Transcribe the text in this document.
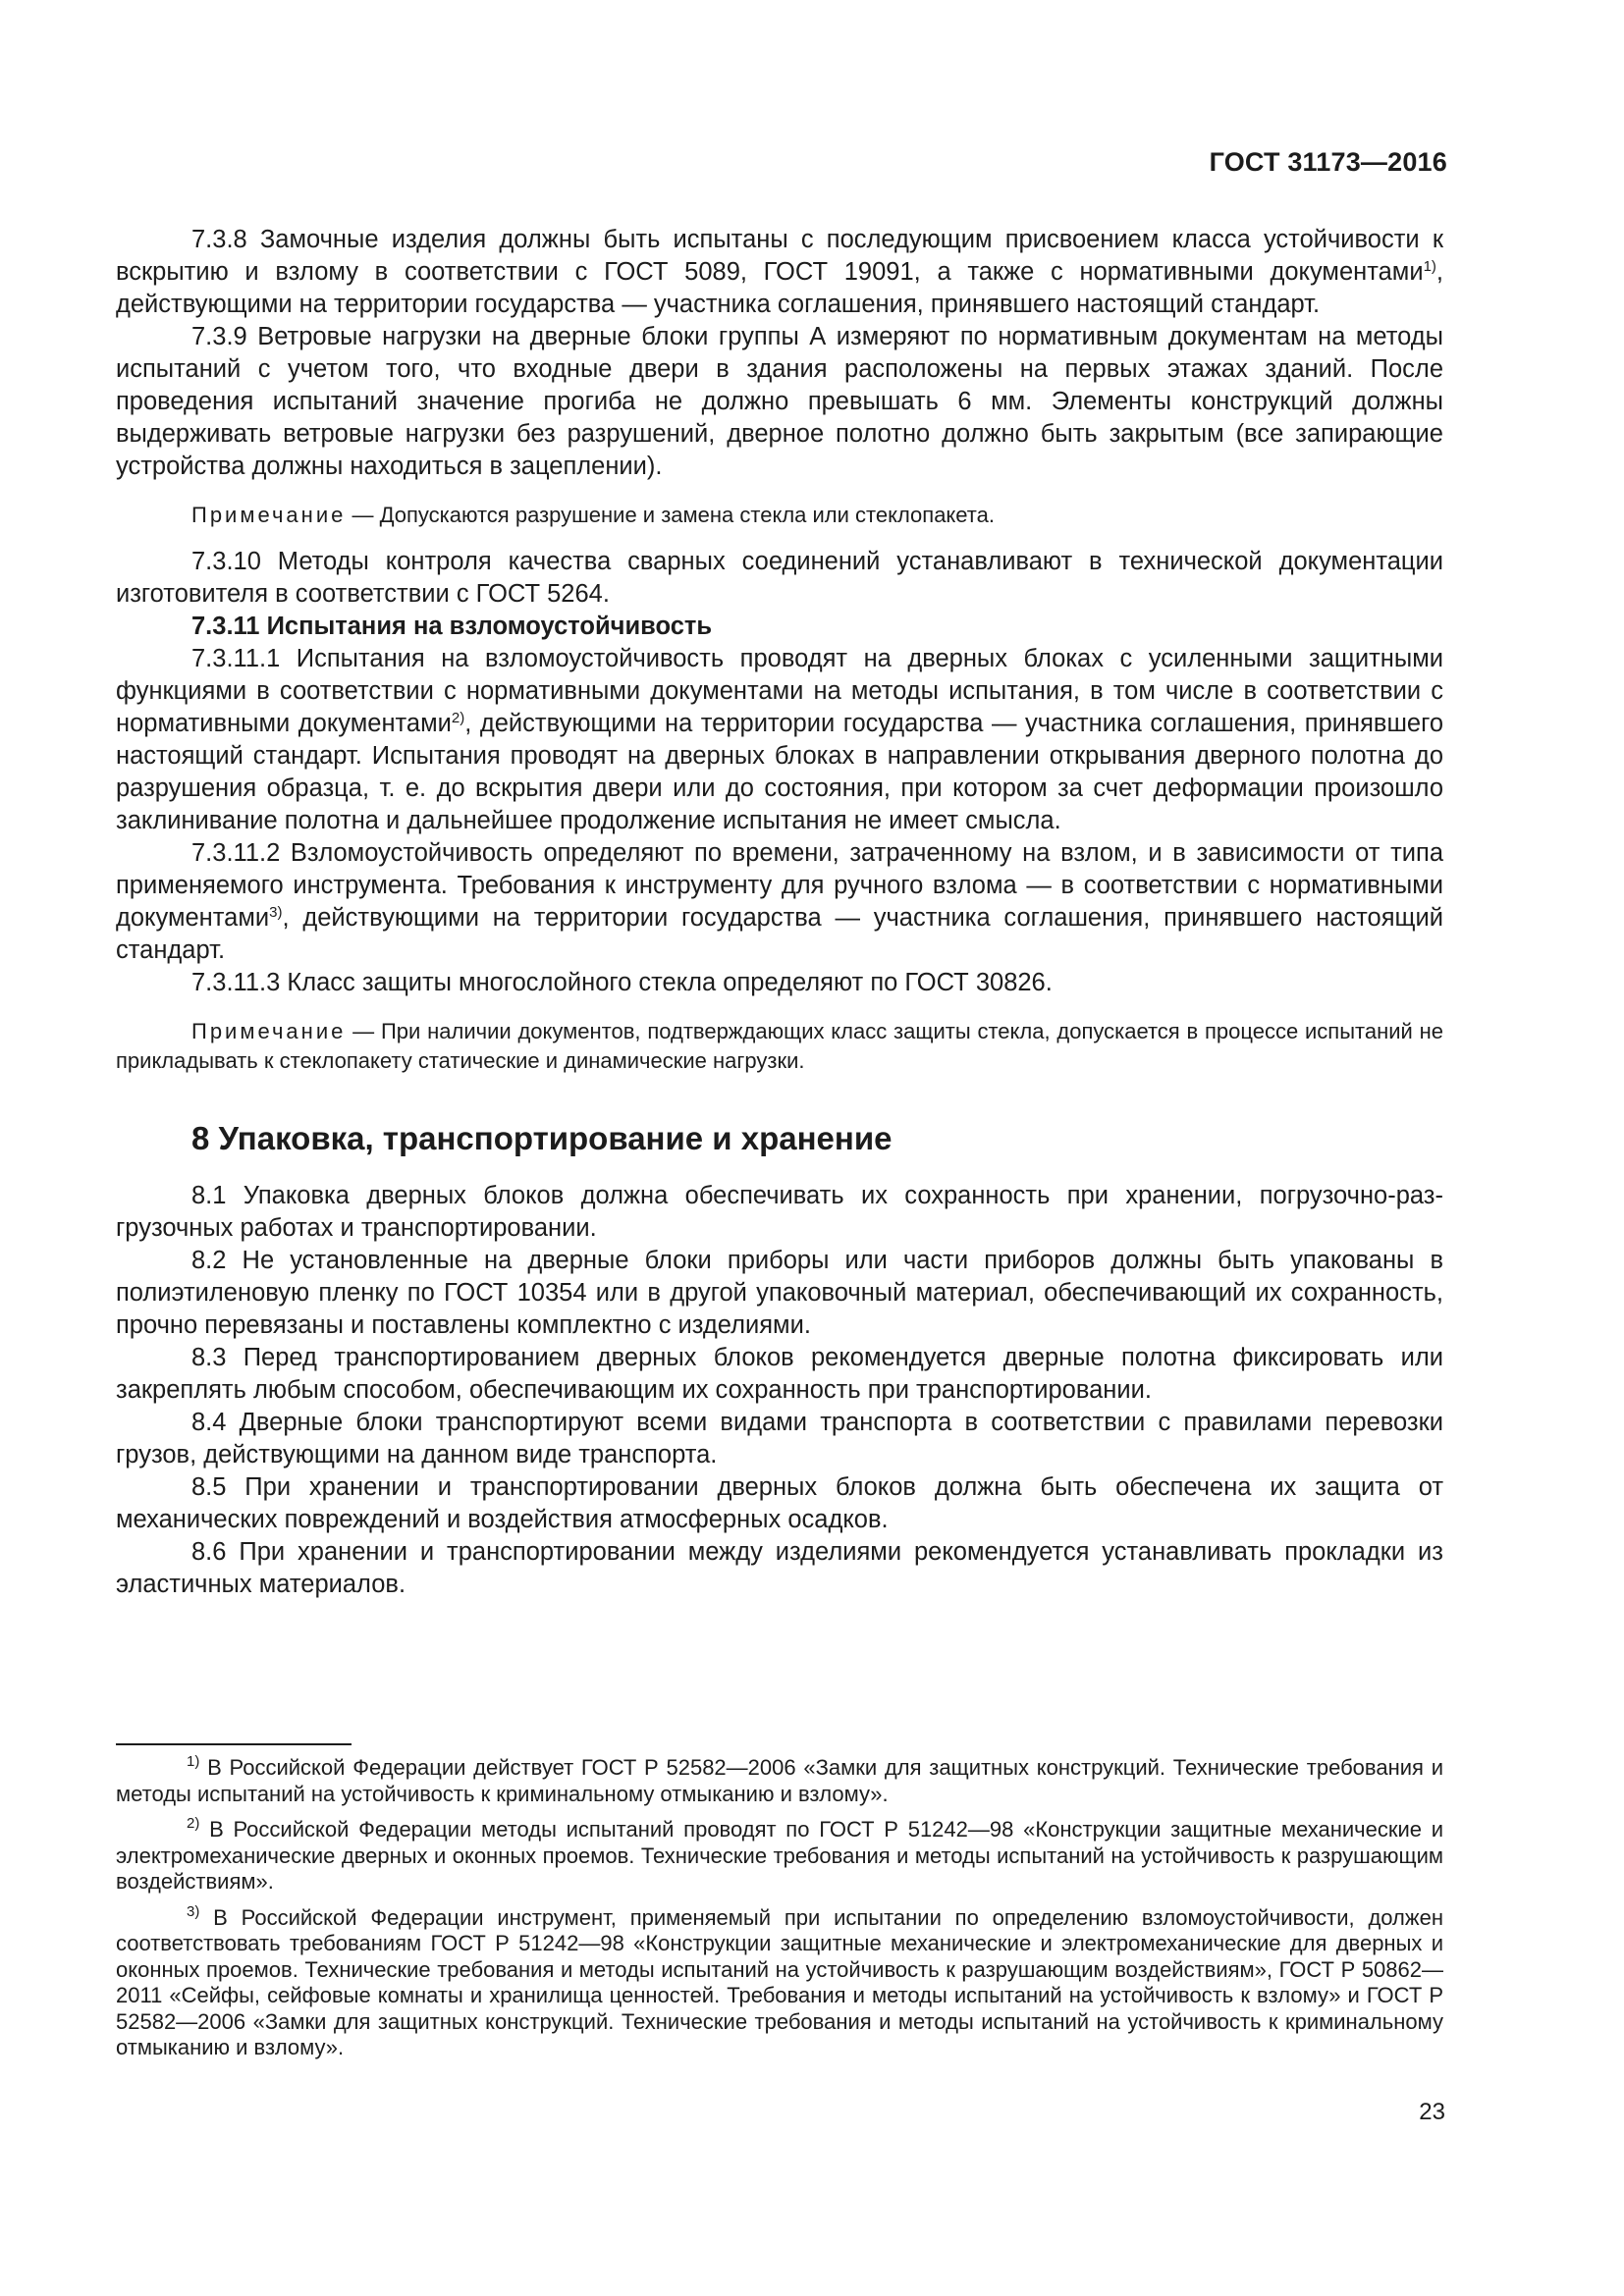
ГОСТ 31173—2016

7.3.8 Замочные изделия должны быть испытаны с последующим присвоением класса устойчивости к вскрытию и взлому в соответствии с ГОСТ 5089, ГОСТ 19091, а также с нормативными документами$^{1)}$, действующими на территории государства — участника соглашения, принявшего настоящий стандарт.

7.3.9 Ветровые нагрузки на дверные блоки группы А измеряют по нормативным документам на методы испытаний с учетом того, что входные двери в здания расположены на первых этажах зданий. После проведения испытаний значение прогиба не должно превышать 6 мм. Элементы конструкций должны выдерживать ветровые нагрузки без разрушений, дверное полотно должно быть закрытым (все запирающие устройства должны находиться в зацеплении).

Примечание — Допускаются разрушение и замена стекла или стеклопакета.

7.3.10 Методы контроля качества сварных соединений устанавливают в технической документации изготовителя в соответствии с ГОСТ 5264.

7.3.11 Испытания на взломоустойчивость

7.3.11.1 Испытания на взломоустойчивость проводят на дверных блоках с усиленными защитными функциями в соответствии с нормативными документами на методы испытания, в том числе в соответствии с нормативными документами$^{2)}$, действующими на территории государства — участника соглашения, принявшего настоящий стандарт. Испытания проводят на дверных блоках в направлении открывания дверного полотна до разрушения образца, т. е. до вскрытия двери или до состояния, при котором за счет деформации произошло заклинивание полотна и дальнейшее продолжение испытания не имеет смысла.

7.3.11.2 Взломоустойчивость определяют по времени, затраченному на взлом, и в зависимости от типа применяемого инструмента. Требования к инструменту для ручного взлома — в соответствии с нормативными документами$^{3)}$, действующими на территории государства — участника соглашения, принявшего настоящий стандарт.

7.3.11.3 Класс защиты многослойного стекла определяют по ГОСТ 30826.

Примечание — При наличии документов, подтверждающих класс защиты стекла, допускается в процессе испытаний не прикладывать к стеклопакету статические и динамические нагрузки.

8 Упаковка, транспортирование и хранение

8.1 Упаковка дверных блоков должна обеспечивать их сохранность при хранении, погрузочно-разгрузочных работах и транспортировании.

8.2 Не установленные на дверные блоки приборы или части приборов должны быть упакованы в полиэтиленовую пленку по ГОСТ 10354 или в другой упаковочный материал, обеспечивающий их сохранность, прочно перевязаны и поставлены комплектно с изделиями.

8.3 Перед транспортированием дверных блоков рекомендуется дверные полотна фиксировать или закреплять любым способом, обеспечивающим их сохранность при транспортировании.

8.4 Дверные блоки транспортируют всеми видами транспорта в соответствии с правилами перевозки грузов, действующими на данном виде транспорта.

8.5 При хранении и транспортировании дверных блоков должна быть обеспечена их защита от механических повреждений и воздействия атмосферных осадков.

8.6 При хранении и транспортировании между изделиями рекомендуется устанавливать прокладки из эластичных материалов.

$^{1)}$ В Российской Федерации действует ГОСТ Р 52582—2006 «Замки для защитных конструкций. Технические требования и методы испытаний на устойчивость к криминальному отмыканию и взлому».

$^{2)}$ В Российской Федерации методы испытаний проводят по ГОСТ Р 51242—98 «Конструкции защитные механические и электромеханические дверных и оконных проемов. Технические требования и методы испытаний на устойчивость к разрушающим воздействиям».

$^{3)}$ В Российской Федерации инструмент, применяемый при испытании по определению взломоустойчивости, должен соответствовать требованиям ГОСТ Р 51242—98 «Конструкции защитные механические и электромеханические для дверных и оконных проемов. Технические требования и методы испытаний на устойчивость к разрушающим воздействиям», ГОСТ Р 50862—2011 «Сейфы, сейфовые комнаты и хранилища ценностей. Требования и методы испытаний на устойчивость к взлому» и ГОСТ Р 52582—2006 «Замки для защитных конструкций. Технические требования и методы испытаний на устойчивость к криминальному отмыканию и взлому».

23
